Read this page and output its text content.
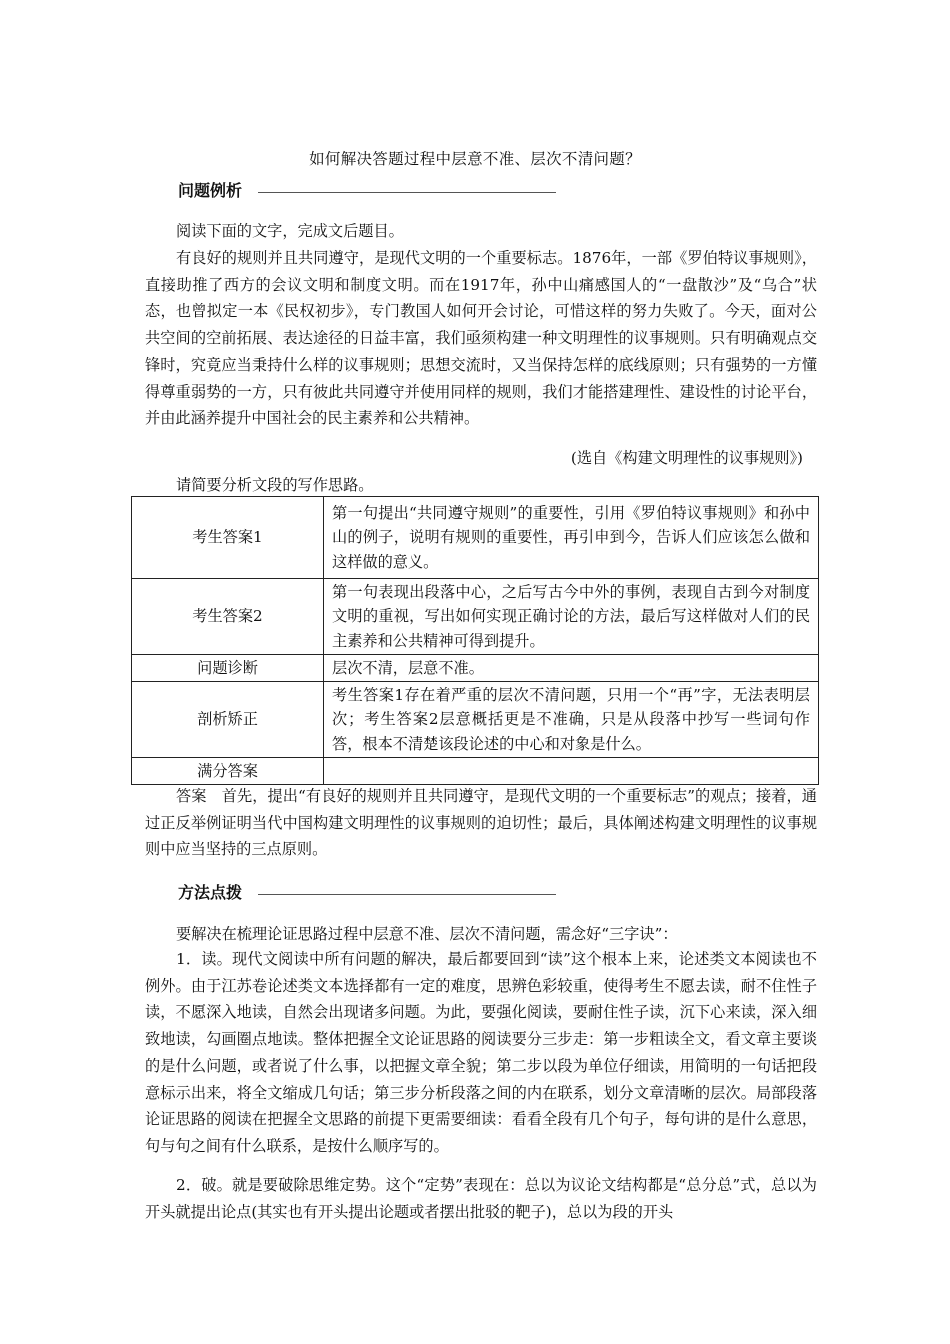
如何解决答题过程中层意不准、层次不清问题？
问题例析

阅读下面的文字，完成文后题目。

有良好的规则并且共同遵守，是现代文明的一个重要标志。1876年，一部《罗伯特议事规则》，直接助推了西方的会议文明和制度文明。而在1917年，孙中山痛感国人的“一盘散沙”及“乌合”状态，也曾拟定一本《民权初步》，专门教国人如何开会讨论，可惜这样的努力失败了。今天，面对公共空间的空前拓展、表达途径的日益丰富，我们亟须构建一种文明理性的议事规则。只有明确观点交锋时，究竟应当秉持什么样的议事规则；思想交流时，又当保持怎样的底线原则；只有强势的一方懂得尊重弱势的一方，只有彼此共同遵守并使用同样的规则，我们才能搭建理性、建设性的讨论平台，并由此涵养提升中国社会的民主素养和公共精神。

(选自《构建文明理性的议事规则》)

请简要分析文段的写作思路。

考生答案1	第一句提出“共同遵守规则”的重要性，引用《罗伯特议事规则》和孙中山的例子，说明有规则的重要性，再引申到今，告诉人们应该怎么做和这样做的意义。
考生答案2	第一句表现出段落中心，之后写古今中外的事例，表现自古到今对制度文明的重视，写出如何实现正确讨论的方法，最后写这样做对人们的民主素养和公共精神可得到提升。
问题诊断	层次不清，层意不准。
剖析矫正	考生答案1存在着严重的层次不清问题，只用一个“再”字，无法表明层次；考生答案2层意概括更是不准确，只是从段落中抄写一些词句作答，根本不清楚该段论述的中心和对象是什么。
满分答案	

答案　首先，提出“有良好的规则并且共同遵守，是现代文明的一个重要标志”的观点；接着，通过正反举例证明当代中国构建文明理性的议事规则的迫切性；最后，具体阐述构建文明理性的议事规则中应当坚持的三点原则。

方法点拨

要解决在梳理论证思路过程中层意不准、层次不清问题，需念好“三字诀”：

1．读。现代文阅读中所有问题的解决，最后都要回到“读”这个根本上来，论述类文本阅读也不例外。由于江苏卷论述类文本选择都有一定的难度，思辨色彩较重，使得考生不愿去读，耐不住性子读，不愿深入地读，自然会出现诸多问题。为此，要强化阅读，要耐住性子读，沉下心来读，深入细致地读，勾画圈点地读。整体把握全文论证思路的阅读要分三步走：第一步粗读全文，看文章主要谈的是什么问题，或者说了什么事，以把握文章全貌；第二步以段为单位仔细读，用简明的一句话把段意标示出来，将全文缩成几句话；第三步分析段落之间的内在联系，划分文章清晰的层次。局部段落论证思路的阅读在把握全文思路的前提下更需要细读：看看全段有几个句子，每句讲的是什么意思，句与句之间有什么联系，是按什么顺序写的。

2．破。就是要破除思维定势。这个“定势”表现在：总以为议论文结构都是“总分总”式，总以为开头就提出论点(其实也有开头提出论题或者摆出批驳的靶子)，总以为段的开头
